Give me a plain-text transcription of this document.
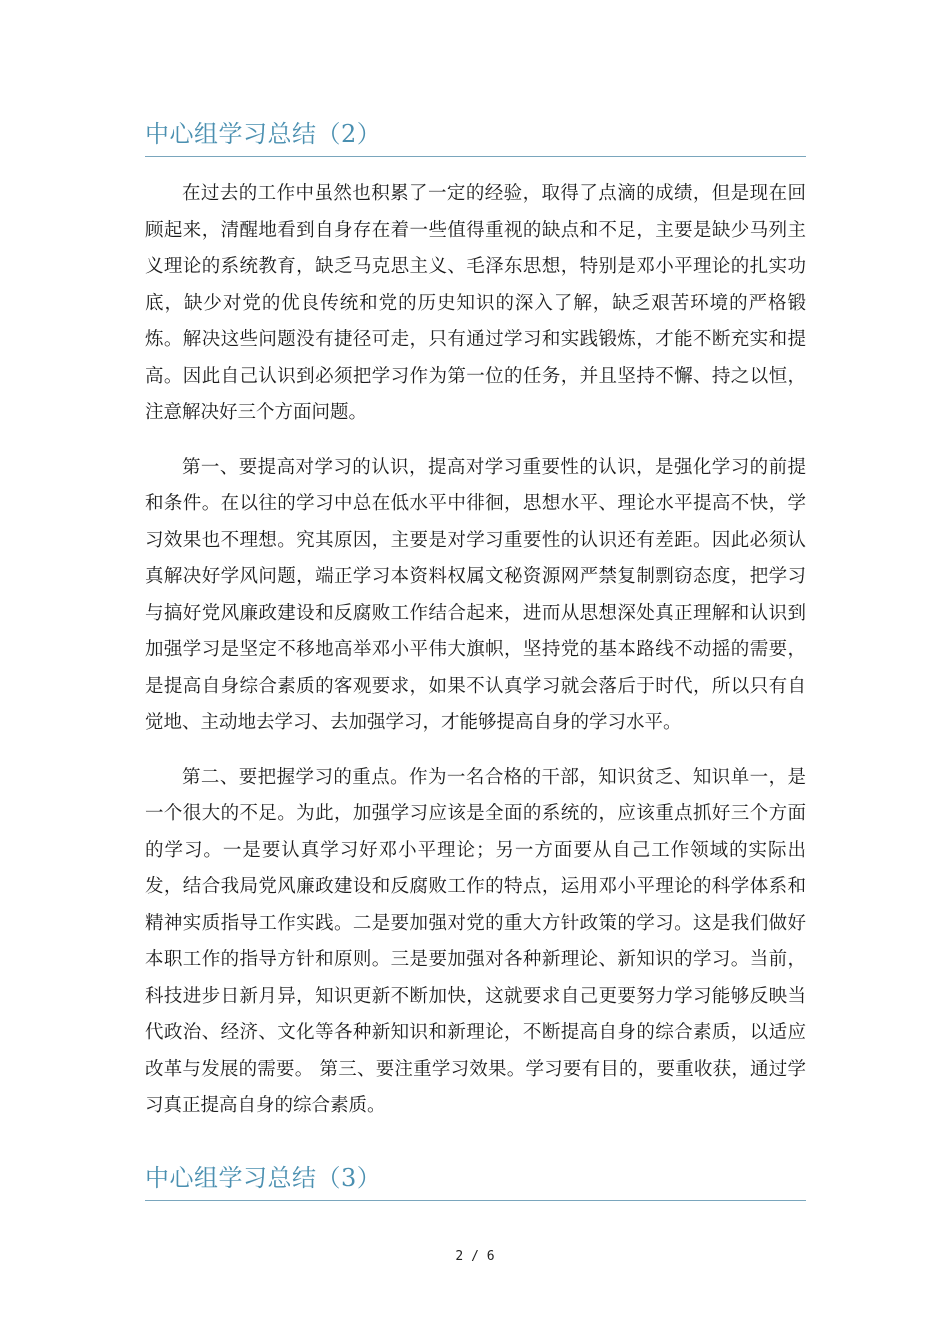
中心组学习总结（2）

在过去的工作中虽然也积累了一定的经验，取得了点滴的成绩，但是现在回顾起来，清醒地看到自身存在着一些值得重视的缺点和不足，主要是缺少马列主义理论的系统教育，缺乏马克思主义、毛泽东思想，特别是邓小平理论的扎实功底，缺少对党的优良传统和党的历史知识的深入了解，缺乏艰苦环境的严格锻炼。解决这些问题没有捷径可走，只有通过学习和实践锻炼，才能不断充实和提高。因此自己认识到必须把学习作为第一位的任务，并且坚持不懈、持之以恒，注意解决好三个方面问题。

第一、要提高对学习的认识，提高对学习重要性的认识，是强化学习的前提和条件。在以往的学习中总在低水平中徘徊，思想水平、理论水平提高不快，学习效果也不理想。究其原因，主要是对学习重要性的认识还有差距。因此必须认真解决好学风问题，端正学习本资料权属文秘资源网严禁复制剽窃态度，把学习与搞好党风廉政建设和反腐败工作结合起来，进而从思想深处真正理解和认识到加强学习是坚定不移地高举邓小平伟大旗帜，坚持党的基本路线不动摇的需要，是提高自身综合素质的客观要求，如果不认真学习就会落后于时代，所以只有自觉地、主动地去学习、去加强学习，才能够提高自身的学习水平。

第二、要把握学习的重点。作为一名合格的干部，知识贫乏、知识单一，是一个很大的不足。为此，加强学习应该是全面的系统的，应该重点抓好三个方面的学习。一是要认真学习好邓小平理论；另一方面要从自己工作领域的实际出发，结合我局党风廉政建设和反腐败工作的特点，运用邓小平理论的科学体系和精神实质指导工作实践。二是要加强对党的重大方针政策的学习。这是我们做好本职工作的指导方针和原则。三是要加强对各种新理论、新知识的学习。当前，科技进步日新月异，知识更新不断加快，这就要求自己更要努力学习能够反映当代政治、经济、文化等各种新知识和新理论，不断提高自身的综合素质，以适应改革与发展的需要。 第三、要注重学习效果。学习要有目的，要重收获，通过学习真正提高自身的综合素质。

中心组学习总结（3）
2 / 6
